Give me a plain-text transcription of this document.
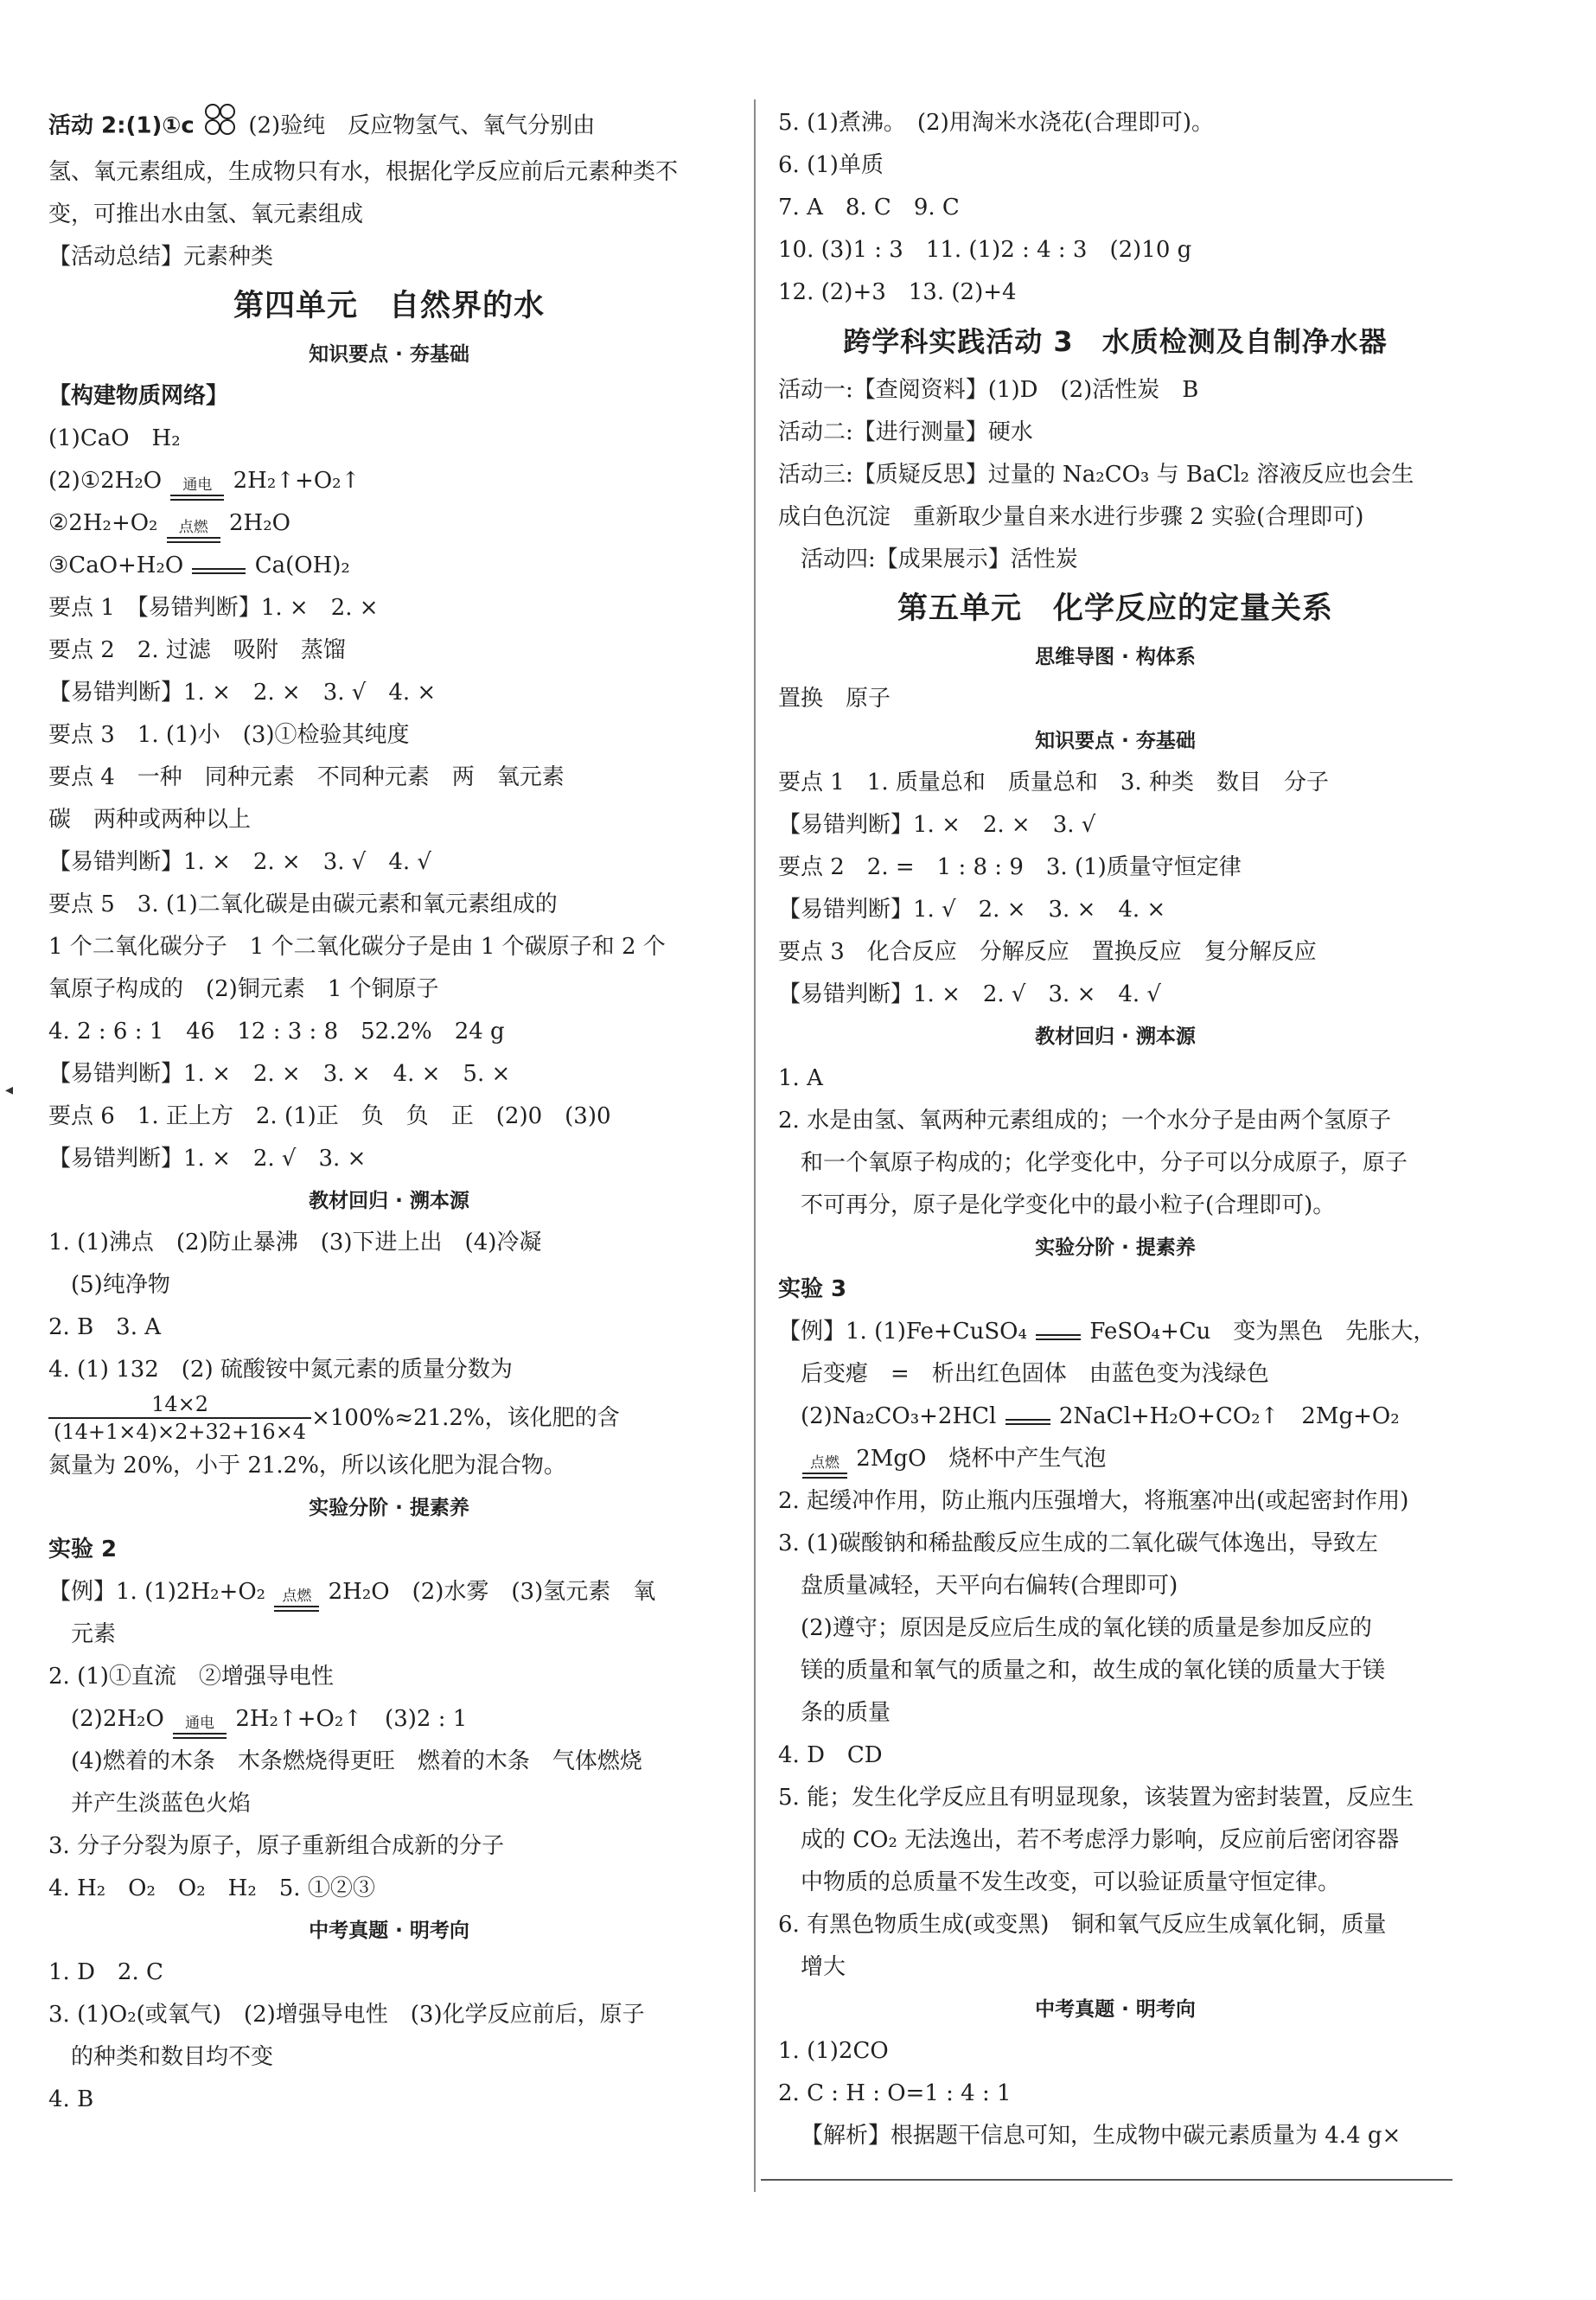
◂
活动 2:(1)①c (2)验纯　反应物氢气、氧气分别由
氢、氧元素组成，生成物只有水，根据化学反应前后元素种类不
变，可推出水由氢、氧元素组成
【活动总结】元素种类
第四单元　自然界的水
知识要点 · 夯基础
【构建物质网络】
(1)CaO　H₂
(2)①2H₂O	通电 2H₂↑+O₂↑
②2H₂+O₂	点燃 2H₂O
③CaO+H₂O	Ca(OH)₂
要点 1　【易错判断】1. ×　2. ×
要点 2　2. 过滤　吸附　蒸馏
【易错判断】1. ×　2. ×　3. √　4. ×
要点 3　1. (1)小　(3)①检验其纯度
要点 4　一种　同种元素　不同种元素　两　氧元素
碳　两种或两种以上
【易错判断】1. ×　2. ×　3. √　4. √
要点 5　3. (1)二氧化碳是由碳元素和氧元素组成的
1 个二氧化碳分子　1 个二氧化碳分子是由 1 个碳原子和 2 个
氧原子构成的　(2)铜元素　1 个铜原子
4. 2 : 6 : 1　46　12 : 3 : 8　52.2%　24 g
【易错判断】1. ×　2. ×　3. ×　4. ×　5. ×
要点 6　1. 正上方　2. (1)正　负　负　正　(2)0　(3)0
【易错判断】1. ×　2. √　3. ×
教材回归 · 溯本源
1. (1)沸点　(2)防止暴沸　(3)下进上出　(4)冷凝
(5)纯净物
2. B　3. A
4. (1) 132　(2) 硫酸铵中氮元素的质量分数为
$\frac{14\times 2}{(14+1\times 4)\times 2+32+16\times 4} \times 100\%\approx 21.2\%$，该化肥的含
氮量为 20%，小于 21.2%，所以该化肥为混合物。
实验分阶 · 提素养
实验 2
【例】1. (1)2H₂+O₂	点燃 2H₂O　(2)水雾　(3)氢元素　氧
元素
2. (1)①直流　②增强导电性
(2)2H₂O	通电 2H₂↑+O₂↑　(3)2 : 1
(4)燃着的木条　木条燃烧得更旺　燃着的木条　气体燃烧
并产生淡蓝色火焰
3. 分子分裂为原子，原子重新组合成新的分子
4. H₂　O₂　O₂　H₂　5. ①②③
中考真题 · 明考向
1. D　2. C
3. (1)O₂(或氧气)　(2)增强导电性　(3)化学反应前后，原子
的种类和数目均不变
4. B
5. (1)煮沸。　(2)用淘米水浇花(合理即可)。
6. (1)单质
7. A　8. C　9. C
10. (3)1 : 3　11. (1)2 : 4 : 3　(2)10 g
12. (2)+3　13. (2)+4
跨学科实践活动 3　水质检测及自制净水器
活动一:【查阅资料】(1)D　(2)活性炭　B
活动二:【进行测量】硬水
活动三:【质疑反思】过量的 Na₂CO₃ 与 BaCl₂ 溶液反应也会生
成白色沉淀　重新取少量自来水进行步骤 2 实验(合理即可)
活动四:【成果展示】活性炭
第五单元　化学反应的定量关系
思维导图 · 构体系
置换　原子
知识要点 · 夯基础
要点 1　1. 质量总和　质量总和　3. 种类　数目　分子
【易错判断】1. ×　2. ×　3. √
要点 2　2. =　1 : 8 : 9　3. (1)质量守恒定律
【易错判断】1. √　2. ×　3. ×　4. ×
要点 3　化合反应　分解反应　置换反应　复分解反应
【易错判断】1. ×　2. √　3. ×　4. √
教材回归 · 溯本源
1. A
2. 水是由氢、氧两种元素组成的；一个水分子是由两个氢原子
和一个氧原子构成的；化学变化中，分子可以分成原子，原子
不可再分，原子是化学变化中的最小粒子(合理即可)。
实验分阶 · 提素养
实验 3
【例】1. (1)Fe+CuSO₄	FeSO₄+Cu　变为黑色　先胀大，
后变瘪　=　析出红色固体　由蓝色变为浅绿色
(2)Na₂CO₃+2HCl	2NaCl+H₂O+CO₂↑　2Mg+O₂
点燃 2MgO　烧杯中产生气泡
2. 起缓冲作用，防止瓶内压强增大，将瓶塞冲出(或起密封作用)
3. (1)碳酸钠和稀盐酸反应生成的二氧化碳气体逸出，导致左
盘质量减轻，天平向右偏转(合理即可)
(2)遵守；原因是反应后生成的氧化镁的质量是参加反应的
镁的质量和氧气的质量之和，故生成的氧化镁的质量大于镁
条的质量
4. D　CD
5. 能；发生化学反应且有明显现象，该装置为密封装置，反应生
成的 CO₂ 无法逸出，若不考虑浮力影响，反应前后密闭容器
中物质的总质量不发生改变，可以验证质量守恒定律。
6. 有黑色物质生成(或变黑)　铜和氧气反应生成氧化铜，质量
增大
中考真题 · 明考向
1. (1)2CO
2. C : H : O=1 : 4 : 1
【解析】根据题干信息可知，生成物中碳元素质量为 4.4 g×
